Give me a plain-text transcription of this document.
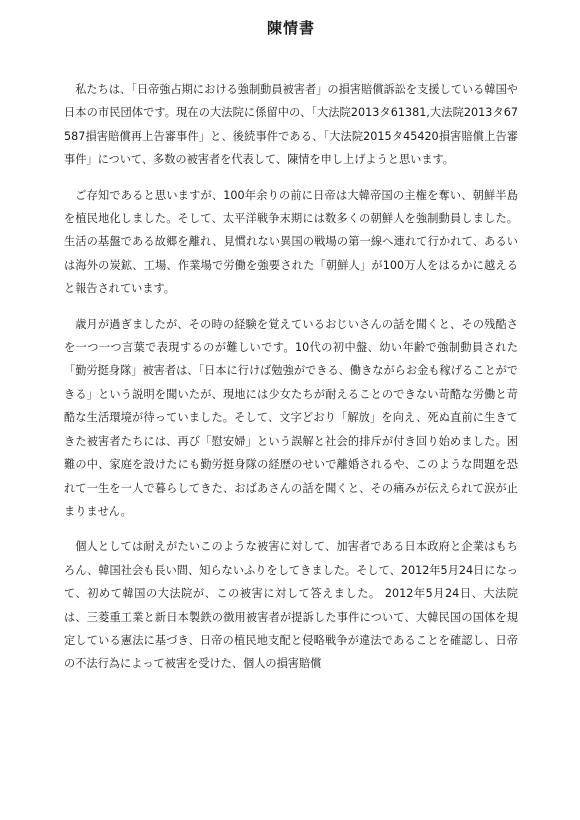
陳情書

私たちは、「日帝強占期における強制動員被害者」の損害賠償訴訟を支援している韓国や日本の市民団体です。現在の大法院に係留中の、「大法院2013タ61381,大法院2013タ67587損害賠償再上告審事件」と、後続事件である、「大法院2015タ45420損害賠償上告審事件」について、多数の被害者を代表して、陳情を申し上げようと思います。

ご存知であると思いますが、100年余りの前に日帝は大韓帝国の主権を奪い、朝鮮半島を植民地化しました。そして、太平洋戦争末期には数多くの朝鮮人を強制動員しました。生活の基盤である故郷を離れ、見慣れない異国の戦場の第一線へ連れて行かれて、あるいは海外の炭鉱、工場、作業場で労働を強要された「朝鮮人」が100万人をはるかに越えると報告されています。

歳月が過ぎましたが、その時の経験を覚えているおじいさんの話を聞くと、その残酷さを一つ一つ言葉で表現するのが難しいです。10代の初中盤、幼い年齢で強制動員された「勤労挺身隊」被害者は、「日本に行けば勉強ができる、働きながらお金も稼げることができる」という説明を聞いたが、現地には少女たちが耐えることのできない苛酷な労働と苛酷な生活環境が待っていました。そして、文字どおり「解放」を向え、死ぬ直前に生きてきた被害者たちには、再び「慰安婦」という誤解と社会的排斥が付き回り始めました。困難の中、家庭を設けたにも勤労挺身隊の経歴のせいで離婚されるや、このような問題を恐れて一生を一人で暮らしてきた、おばあさんの話を聞くと、その痛みが伝えられて涙が止まりません。

個人としては耐えがたいこのような被害に対して、加害者である日本政府と企業はもちろん、韓国社会も長い間、知らないふりをしてきました。そして、2012年5月24日になって、初めて韓国の大法院が、この被害に対して答えました。 2012年5月24日、大法院は、三菱重工業と新日本製鉄の徴用被害者が提訴した事件について、大韓民国の国体を規定している憲法に基づき、日帝の植民地支配と侵略戦争が違法であることを確認し、日帝の不法行為によって被害を受けた、個人の損害賠償
